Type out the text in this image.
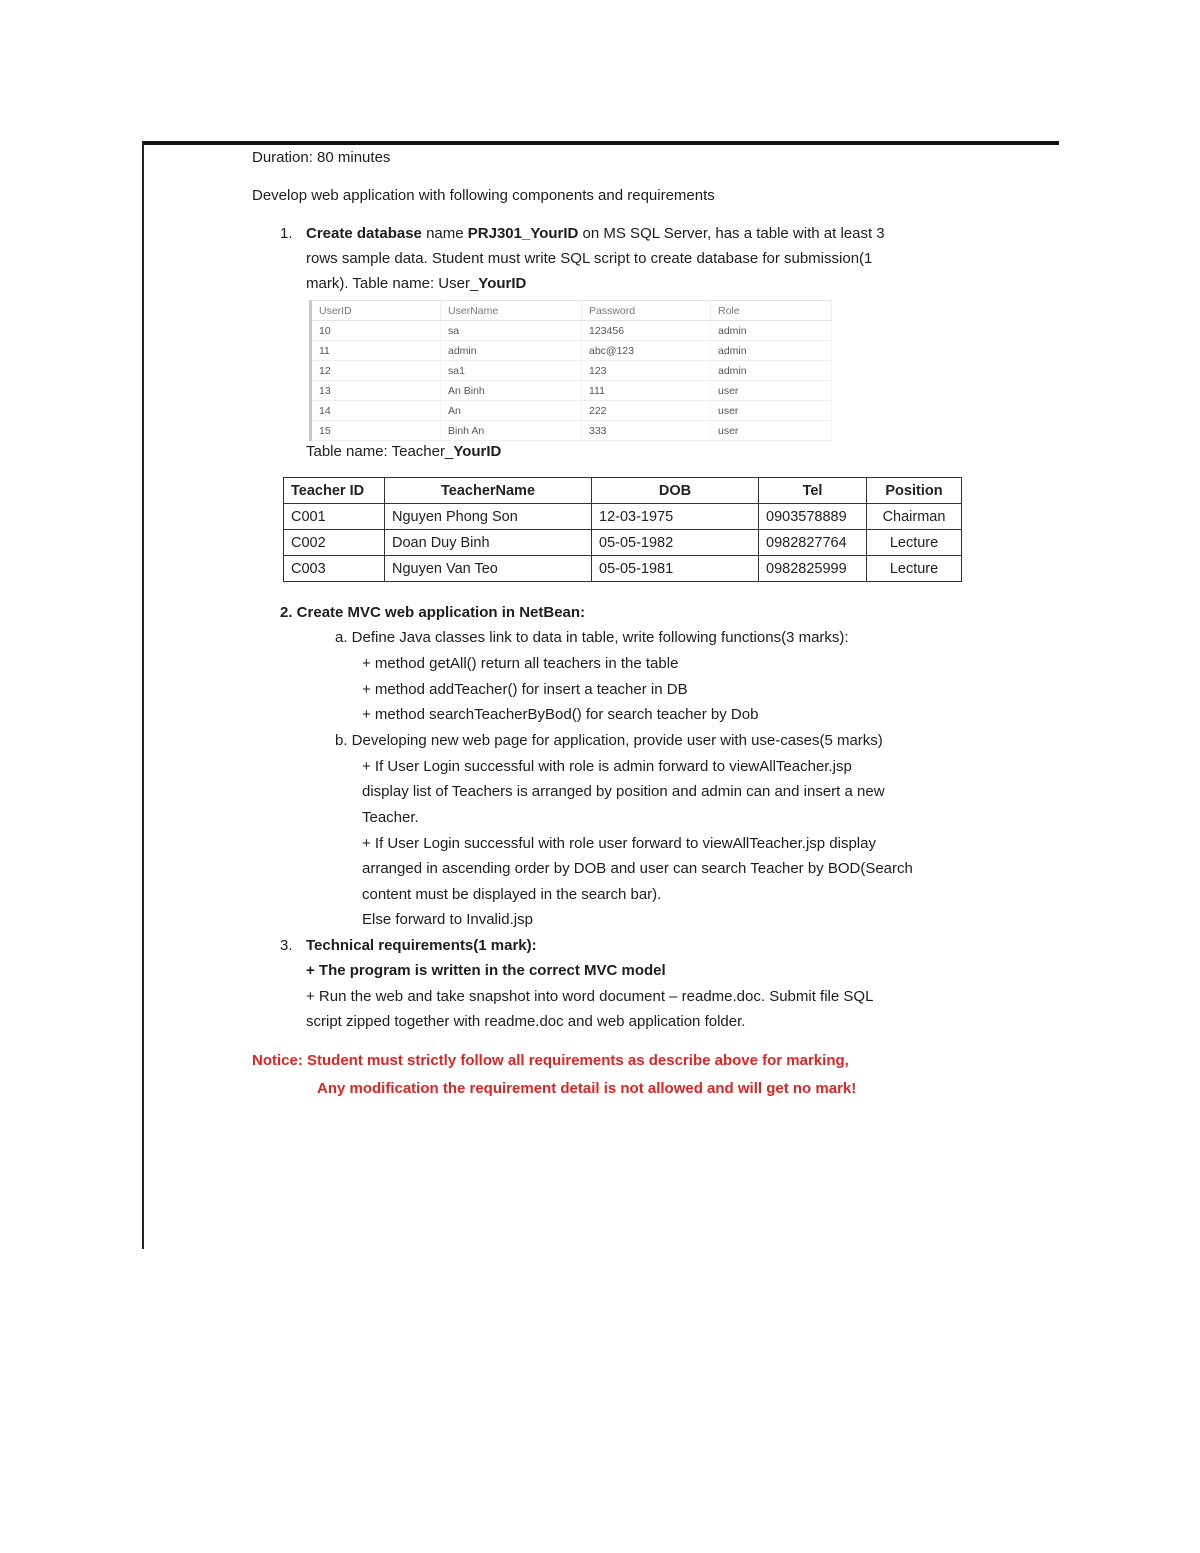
Duration: 80 minutes
Develop web application with following components and requirements
1. Create database name PRJ301_YourID on MS SQL Server, has a table with at least 3
rows sample data. Student must write SQL script to create database for submission(1
mark). Table name: User_YourID
UserID	UserName	Password	Role
10	sa	123456	admin
11	admin	abc@123	admin
12	sa1	123	admin
13	An Binh	111	user
14	An	222	user
15	Binh An	333	user
Table name: Teacher_YourID
Teacher ID	TeacherName	DOB	Tel	Position
C001	Nguyen Phong Son	12-03-1975	0903578889	Chairman
C002	Doan Duy Binh	05-05-1982	0982827764	Lecture
C003	Nguyen Van Teo	05-05-1981	0982825999	Lecture
2. Create MVC web application in NetBean:
a. Define Java classes link to data in table, write following functions(3 marks):
+ method getAll() return all teachers in the table
+ method addTeacher() for insert a teacher in DB
+ method searchTeacherByBod() for search teacher by Dob
b. Developing new web page for application, provide user with use-cases(5 marks)
+ If User Login successful with role is admin forward to viewAllTeacher.jsp
display list of Teachers is arranged by position and admin can and insert a new
Teacher.
+ If User Login successful with role user forward to viewAllTeacher.jsp display
arranged in ascending order by DOB and user can search Teacher by BOD(Search
content must be displayed in the search bar).
Else forward to Invalid.jsp
3. Technical requirements(1 mark):
+ The program is written in the correct MVC model
+ Run the web and take snapshot into word document – readme.doc. Submit file SQL
script zipped together with readme.doc and web application folder.
Notice: Student must strictly follow all requirements as describe above for marking,
Any modification the requirement detail is not allowed and will get no mark!
